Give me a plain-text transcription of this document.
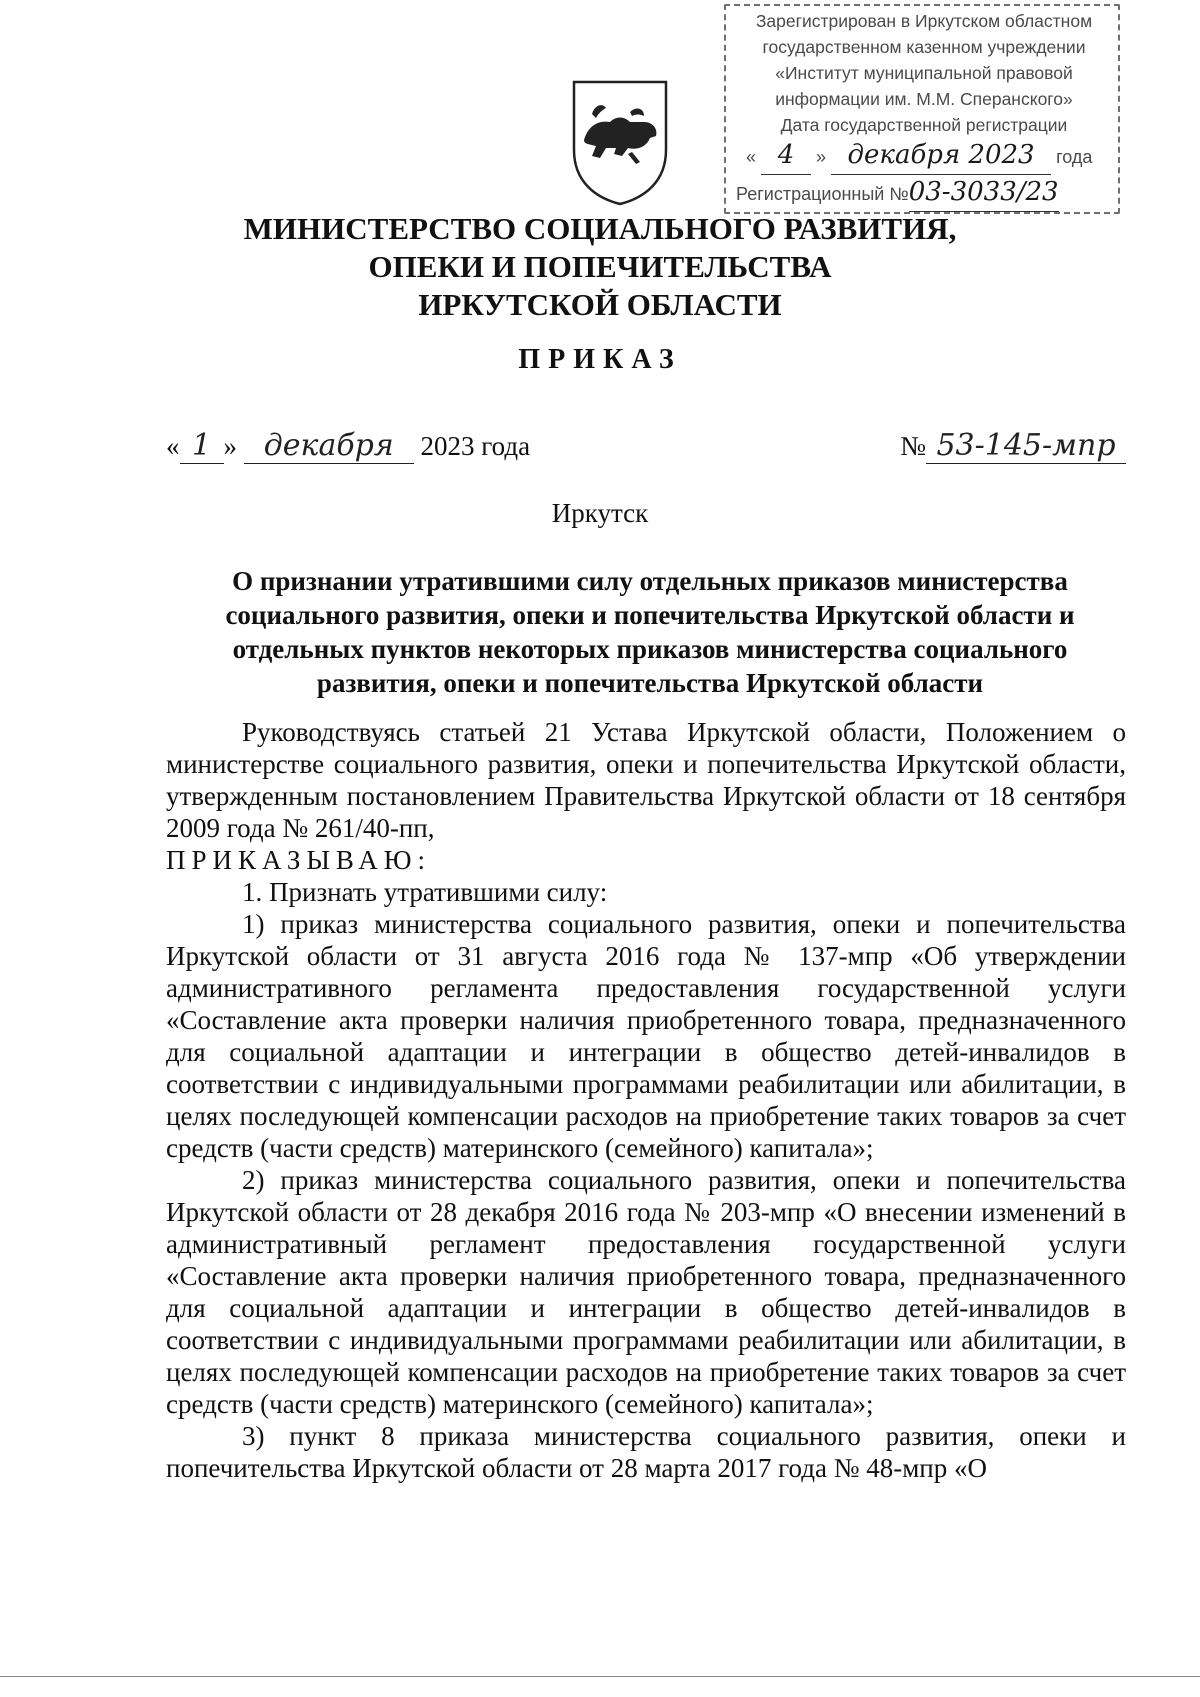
Зарегистрирован в Иркутском областном
государственном казенном учреждении
«Институт муниципальной правовой
информации им. М.М. Сперанского»
Дата государственной регистрации
« 4 » декабря 2023 года
Регистрационный №03-3033/23
МИНИСТЕРСТВО СОЦИАЛЬНОГО РАЗВИТИЯ,
ОПЕКИ И ПОПЕЧИТЕЛЬСТВА
ИРКУТСКОЙ ОБЛАСТИ
ПРИКАЗ
« 1 » декабря 2023 года	№ 53-145-мпр
Иркутск
О признании утратившими силу отдельных приказов министерства социального развития, опеки и попечительства Иркутской области и отдельных пунктов некоторых приказов министерства социального развития, опеки и попечительства Иркутской области

Руководствуясь статьей 21 Устава Иркутской области, Положением о министерстве социального развития, опеки и попечительства Иркутской области, утвержденным постановлением Правительства Иркутской области от 18 сентября 2009 года № 261/40-пп,

ПРИКАЗЫВАЮ:

1. Признать утратившими силу:

1) приказ министерства социального развития, опеки и попечительства Иркутской области от 31 августа 2016 года № 137-мпр «Об утверждении административного регламента предоставления государственной услуги «Составление акта проверки наличия приобретенного товара, предназначенного для социальной адаптации и интеграции в общество детей-инвалидов в соответствии с индивидуальными программами реабилитации или абилитации, в целях последующей компенсации расходов на приобретение таких товаров за счет средств (части средств) материнского (семейного) капитала»;

2) приказ министерства социального развития, опеки и попечительства Иркутской области от 28 декабря 2016 года № 203-мпр «О внесении изменений в административный регламент предоставления государственной услуги «Составление акта проверки наличия приобретенного товара, предназначенного для социальной адаптации и интеграции в общество детей-инвалидов в соответствии с индивидуальными программами реабилитации или абилитации, в целях последующей компенсации расходов на приобретение таких товаров за счет средств (части средств) материнского (семейного) капитала»;

3) пункт 8 приказа министерства социального развития, опеки и попечительства Иркутской области от 28 марта 2017 года № 48-мпр «О
